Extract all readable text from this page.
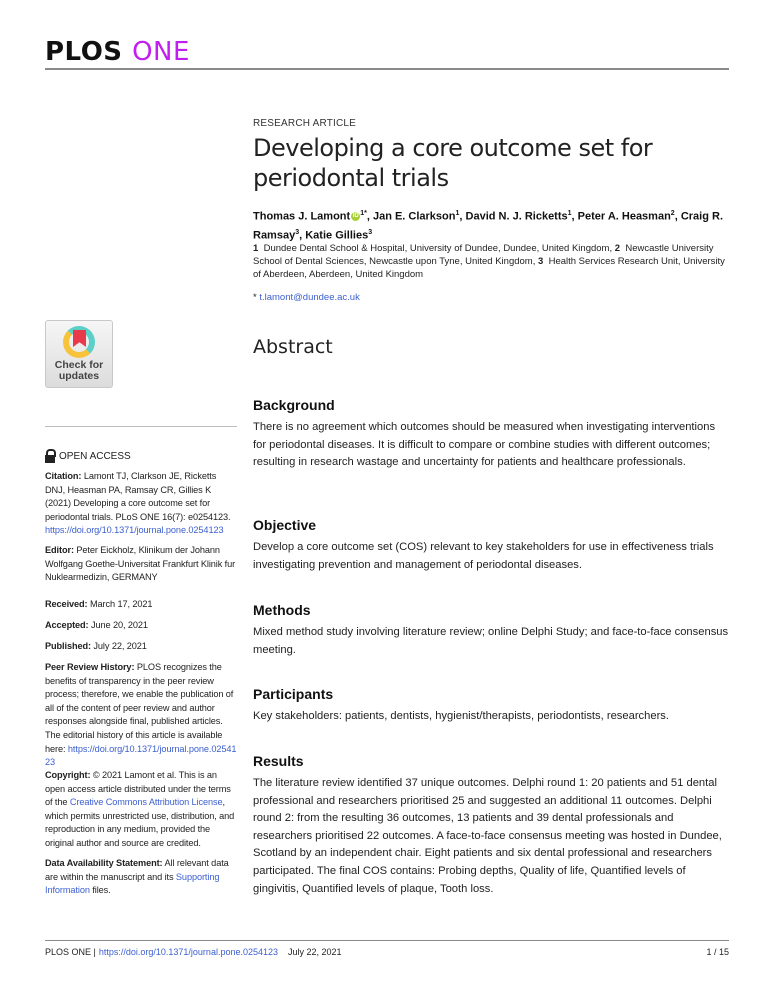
PLOS ONE
RESEARCH ARTICLE
Developing a core outcome set for
periodontal trials
Thomas J. Lamont iD $^{1*}$, Jan E. Clarkson$^1$, David N. J. Ricketts$^1$, Peter A. Heasman$^2$, Craig R. Ramsay$^3$, Katie Gillies$^3$
1 Dundee Dental School & Hospital, University of Dundee, Dundee, United Kingdom, 2 Newcastle University School of Dental Sciences, Newcastle upon Tyne, United Kingdom, 3 Health Services Research Unit, University of Aberdeen, Aberdeen, United Kingdom
* t.lamont@dundee.ac.uk
Abstract
Background
There is no agreement which outcomes should be measured when investigating interventions for periodontal diseases. It is difficult to compare or combine studies with different outcomes; resulting in research wastage and uncertainty for patients and healthcare professionals.
Objective
Develop a core outcome set (COS) relevant to key stakeholders for use in effectiveness trials investigating prevention and management of periodontal diseases.
Methods
Mixed method study involving literature review; online Delphi Study; and face-to-face consensus meeting.
Participants
Key stakeholders: patients, dentists, hygienist/therapists, periodontists, researchers.
Results
The literature review identified 37 unique outcomes. Delphi round 1: 20 patients and 51 dental professional and researchers prioritised 25 and suggested an additional 11 outcomes. Delphi round 2: from the resulting 36 outcomes, 13 patients and 39 dental professionals and researchers prioritised 22 outcomes. A face-to-face consensus meeting was hosted in Dundee, Scotland by an independent chair. Eight patients and six dental professional and researchers participated. The final COS contains: Probing depths, Quality of life, Quantified levels of gingivitis, Quantified levels of plaque, Tooth loss.
Check for
updates
OPEN ACCESS
Citation: Lamont TJ, Clarkson JE, Ricketts DNJ, Heasman PA, Ramsay CR, Gillies K (2021) Developing a core outcome set for periodontal trials. PLoS ONE 16(7): e0254123. https://doi.org/10.1371/journal.pone.0254123
Editor: Peter Eickholz, Klinikum der Johann Wolfgang Goethe-Universitat Frankfurt Klinik fur Nuklearmedizin, GERMANY
Received: March 17, 2021
Accepted: June 20, 2021
Published: July 22, 2021
Peer Review History: PLOS recognizes the benefits of transparency in the peer review process; therefore, we enable the publication of all of the content of peer review and author responses alongside final, published articles. The editorial history of this article is available here: https://doi.org/10.1371/journal.pone.0254123
Copyright: © 2021 Lamont et al. This is an open access article distributed under the terms of the Creative Commons Attribution License, which permits unrestricted use, distribution, and reproduction in any medium, provided the original author and source are credited.
Data Availability Statement: All relevant data are within the manuscript and its Supporting Information files.
PLOS ONE | https://doi.org/10.1371/journal.pone.0254123 July 22, 2021	1 / 15
